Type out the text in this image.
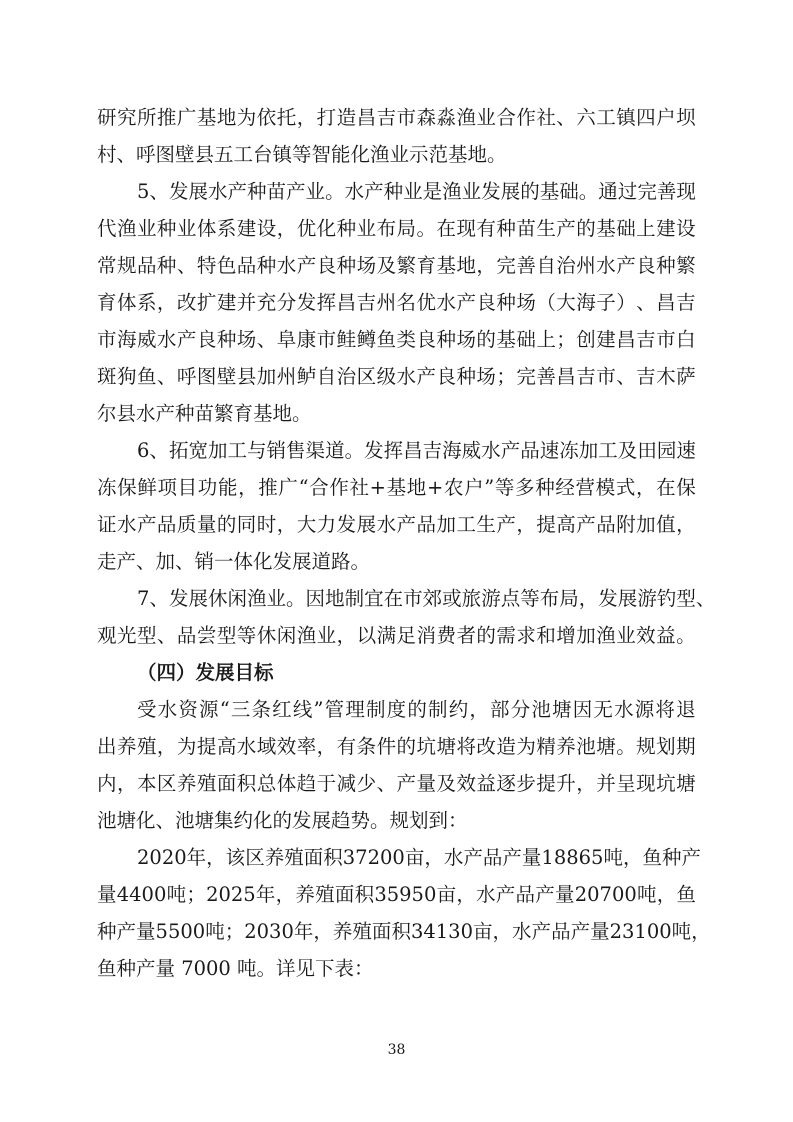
研 究 所 推 广 基 地 为 依 托 ， 打 造 昌 吉 市 森 淼 渔 业 合 作 社 、 六 工 镇 四 户 坝
村、呼图壁县五工台镇等智能化渔业示范基地。
5 、 发 展 水 产 种 苗 产 业 。 水 产 种 业 是 渔 业 发 展 的 基 础 。 通 过 完 善 现
代 渔 业 种 业 体 系 建 设 ， 优 化 种 业 布 局 。 在 现 有 种 苗 生 产 的 基 础 上 建 设
常 规 品 种 、 特 色 品 种 水 产 良 种 场 及 繁 育 基 地 ， 完 善 自 治 州 水 产 良 种 繁
育 体 系 ， 改 扩 建 并 充 分 发 挥 昌 吉 州 名 优 水 产 良 种 场 （ 大 海 子 ） 、 昌 吉
市 海 威 水 产 良 种 场 、 阜 康 市 鲑 鳟 鱼 类 良 种 场 的 基 础 上 ； 创 建 昌 吉 市 白
斑 狗 鱼 、 呼 图 壁 县 加 州 鲈 自 治 区 级 水 产 良 种 场 ； 完 善 昌 吉 市 、 吉 木 萨
尔县水产种苗繁育基地。
6 、 拓 宽 加 工 与 销 售 渠 道 。 发 挥 昌 吉 海 威 水 产 品 速 冻 加 工 及 田 园 速
冻 保 鲜 项 目 功 能 ， 推 广 “ 合 作 社 + 基 地 + 农 户 ” 等 多 种 经 营 模 式 ， 在 保
证 水 产 品 质 量 的 同 时 ， 大 力 发 展 水 产 品 加 工 生 产 ， 提 高 产 品 附 加 值 ，
走产、加、销一体化发展道路。
7 、 发 展 休 闲 渔 业 。 因 地 制 宜 在 市 郊 或 旅 游 点 等 布 局 ， 发 展 游 钓 型 、
观 光 型 、 品 尝 型 等 休 闲 渔 业 ， 以 满 足 消 费 者 的 需 求 和 增 加 渔 业 效 益 。
（四）发展目标
受 水 资 源 “ 三 条 红 线 ” 管 理 制 度 的 制 约 ， 部 分 池 塘 因 无 水 源 将 退
出 养 殖 ， 为 提 高 水 域 效 率 ， 有 条 件 的 坑 塘 将 改 造 为 精 养 池 塘 。 规 划 期
内 ， 本 区 养 殖 面 积 总 体 趋 于 减 少 、 产 量 及 效 益 逐 步 提 升 ， 并 呈 现 坑 塘
池塘化、池塘集约化的发展趋势。规划到：
2020 年 ， 该 区 养 殖 面 积 37200 亩 ， 水 产 品 产 量 18865 吨 ， 鱼 种 产
量 4400 吨 ； 2025 年 ， 养 殖 面 积 35950 亩 ， 水 产 品 产 量 20700 吨 ， 鱼
种 产 量 5500 吨 ； 2030 年 ， 养 殖 面 积 34130 亩 ， 水 产 品 产 量 23100 吨 ，
鱼种产量 7000 吨。详见下表：
38
